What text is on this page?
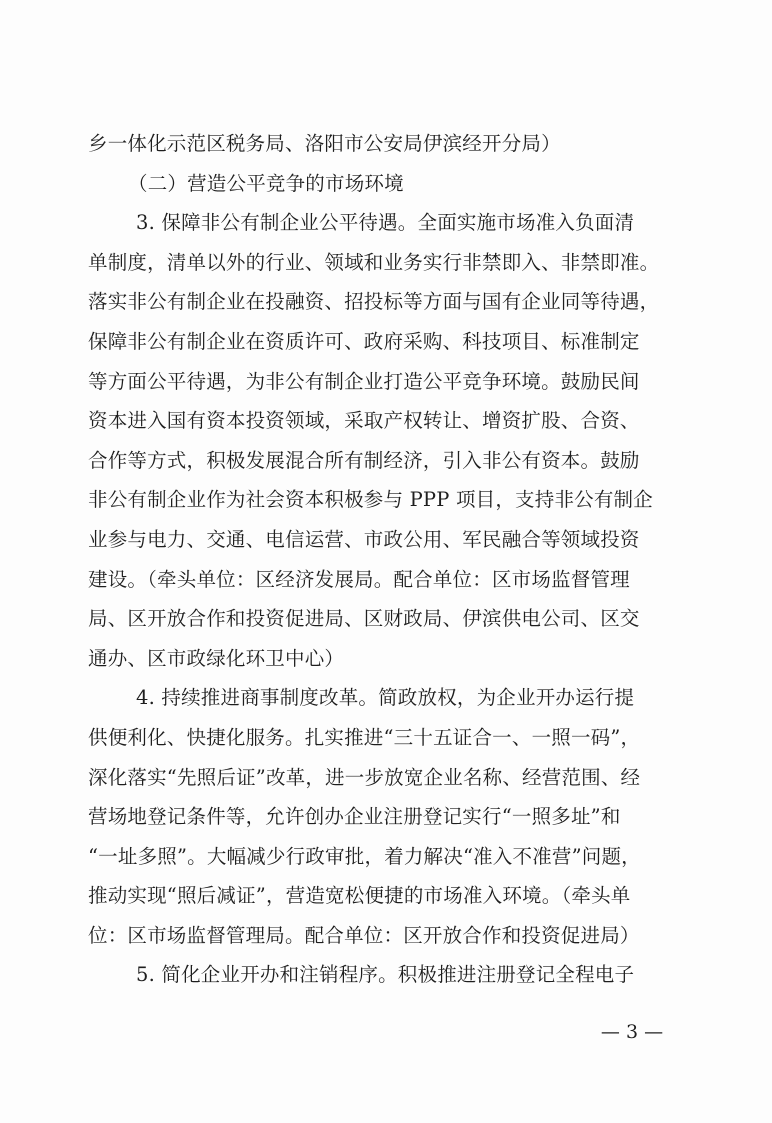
乡一体化示范区税务局、洛阳市公安局伊滨经开分局）
（二）营造公平竞争的市场环境
3. 保障非公有制企业公平待遇。全面实施市场准入负面清
单制度，清单以外的行业、领域和业务实行非禁即入、非禁即准。
落实非公有制企业在投融资、招投标等方面与国有企业同等待遇，
保障非公有制企业在资质许可、政府采购、科技项目、标准制定
等方面公平待遇，为非公有制企业打造公平竞争环境。鼓励民间
资本进入国有资本投资领域，采取产权转让、增资扩股、合资、
合作等方式，积极发展混合所有制经济，引入非公有资本。鼓励
非公有制企业作为社会资本积极参与 PPP 项目，支持非公有制企
业参与电力、交通、电信运营、市政公用、军民融合等领域投资
建设。（牵头单位：区经济发展局。配合单位：区市场监督管理
局、区开放合作和投资促进局、区财政局、伊滨供电公司、区交
通办、区市政绿化环卫中心）
4. 持续推进商事制度改革。简政放权，为企业开办运行提
供便利化、快捷化服务。扎实推进“三十五证合一、一照一码”，
深化落实“先照后证”改革，进一步放宽企业名称、经营范围、经
营场地登记条件等，允许创办企业注册登记实行“一照多址”和
“一址多照”。大幅减少行政审批，着力解决“准入不准营”问题，
推动实现“照后减证”，营造宽松便捷的市场准入环境。（牵头单
位：区市场监督管理局。配合单位：区开放合作和投资促进局）
5. 简化企业开办和注销程序。积极推进注册登记全程电子
— 3 —
